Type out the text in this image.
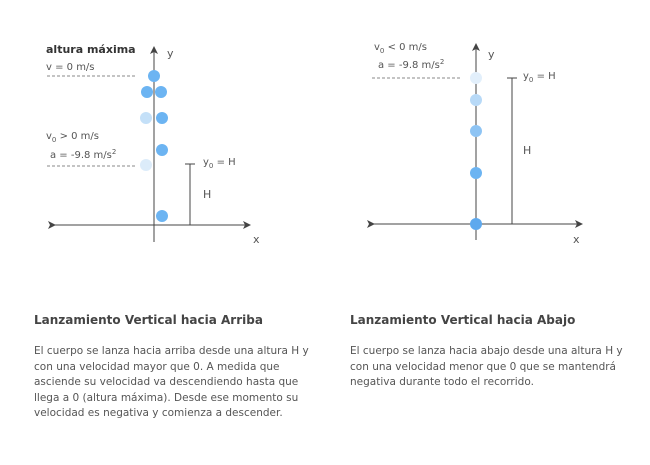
y
x
altura máxima
v = 0 m/s
$v_0 > 0$ m/s
a = -9.8 $m/s^2$
$y_0 = H$
H
y
x
$v_0 < 0$ m/s
a = -9.8 $m/s^2$
$y_0 = H$
H
Lanzamiento Vertical hacia Arriba

El cuerpo se lanza hacia arriba desde una altura H y con una velocidad mayor que 0. A medida que asciende su velocidad va descendiendo hasta que llega a 0 (altura máxima). Desde ese momento su velocidad es negativa y comienza a descender.

Lanzamiento Vertical hacia Abajo

El cuerpo se lanza hacia abajo desde una altura H y con una velocidad menor que 0 que se mantendrá negativa durante todo el recorrido.
